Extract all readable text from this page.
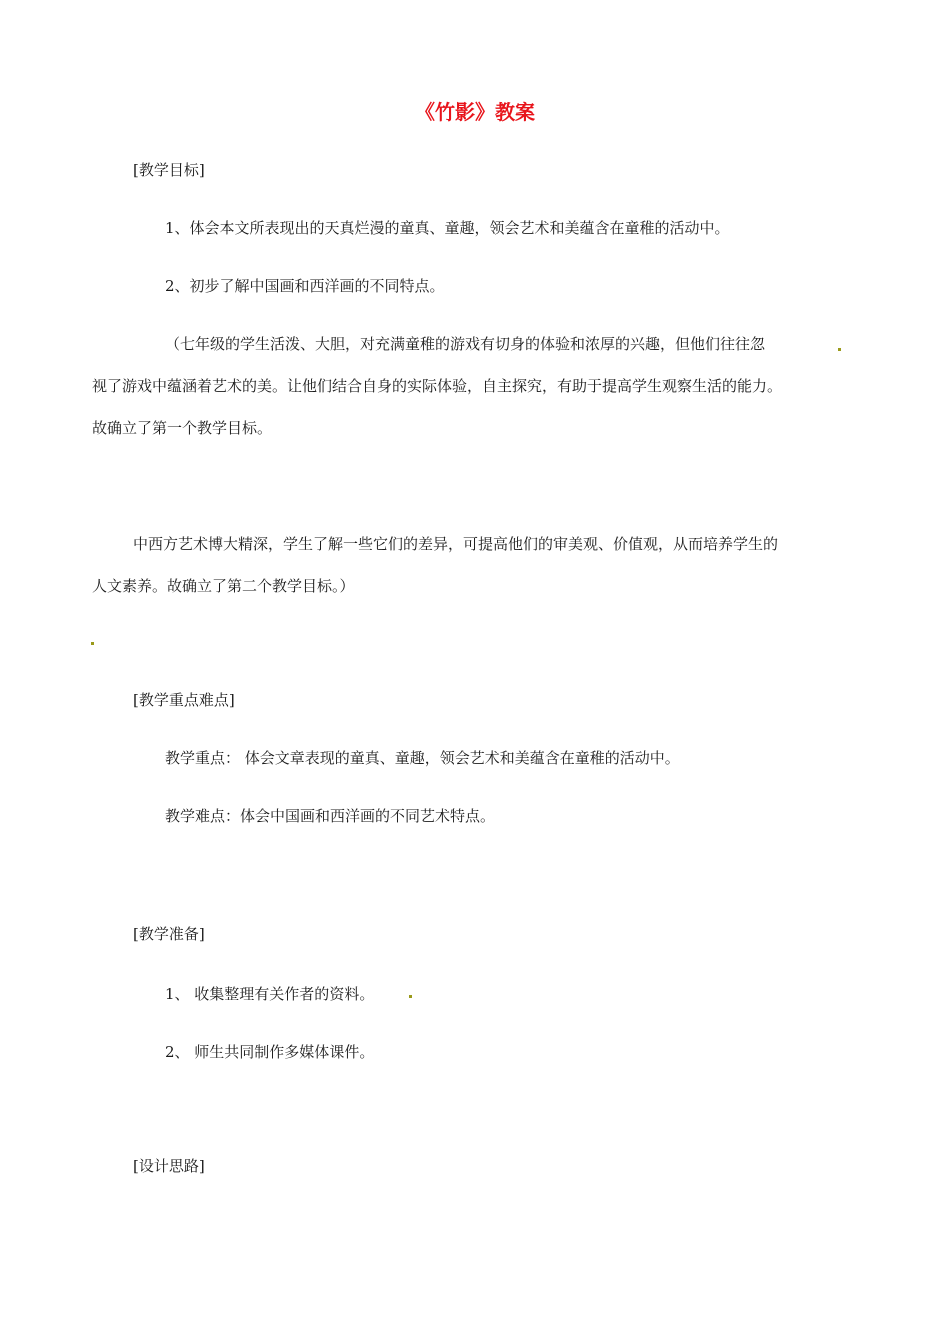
《竹影》教案
[教学目标]
1、体会本文所表现出的天真烂漫的童真、童趣，领会艺术和美蕴含在童稚的活动中。
2、初步了解中国画和西洋画的不同特点。
（七年级的学生活泼、大胆，对充满童稚的游戏有切身的体验和浓厚的兴趣，但他们往往忽
视了游戏中蕴涵着艺术的美。让他们结合自身的实际体验，自主探究，有助于提高学生观察生活的能力。
故确立了第一个教学目标。
中西方艺术博大精深，学生了解一些它们的差异，可提高他们的审美观、价值观，从而培养学生的
人文素养。故确立了第二个教学目标。）
[教学重点难点]
教学重点： 体会文章表现的童真、童趣，领会艺术和美蕴含在童稚的活动中。
教学难点：体会中国画和西洋画的不同艺术特点。
[教学准备]
1、 收集整理有关作者的资料。
2、 师生共同制作多媒体课件。
[设计思路]
